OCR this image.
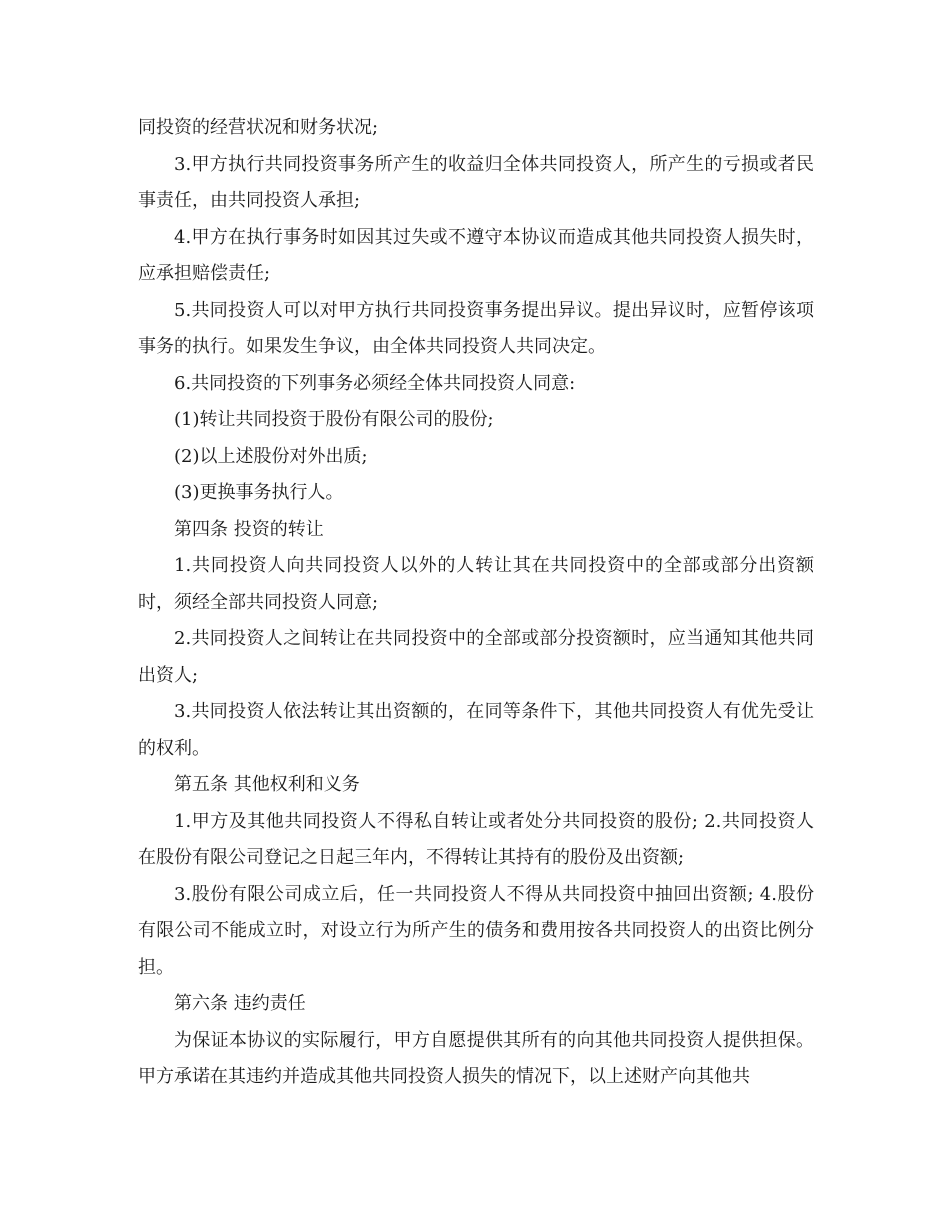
同投资的经营状况和财务状况;

3.甲方执行共同投资事务所产生的收益归全体共同投资人，所产生的亏损或者民事责任，由共同投资人承担;

4.甲方在执行事务时如因其过失或不遵守本协议而造成其他共同投资人损失时，应承担赔偿责任;

5.共同投资人可以对甲方执行共同投资事务提出异议。提出异议时，应暂停该项事务的执行。如果发生争议，由全体共同投资人共同决定。

6.共同投资的下列事务必须经全体共同投资人同意:

(1)转让共同投资于股份有限公司的股份;

(2)以上述股份对外出质;

(3)更换事务执行人。

第四条 投资的转让

1.共同投资人向共同投资人以外的人转让其在共同投资中的全部或部分出资额时，须经全部共同投资人同意;

2.共同投资人之间转让在共同投资中的全部或部分投资额时，应当通知其他共同出资人;

3.共同投资人依法转让其出资额的，在同等条件下，其他共同投资人有优先受让的权利。

第五条 其他权利和义务

1.甲方及其他共同投资人不得私自转让或者处分共同投资的股份; 2.共同投资人在股份有限公司登记之日起三年内，不得转让其持有的股份及出资额;

3.股份有限公司成立后，任一共同投资人不得从共同投资中抽回出资额; 4.股份有限公司不能成立时，对设立行为所产生的债务和费用按各共同投资人的出资比例分担。

第六条 违约责任

为保证本协议的实际履行，甲方自愿提供其所有的向其他共同投资人提供担保。甲方承诺在其违约并造成其他共同投资人损失的情况下，以上述财产向其他共
